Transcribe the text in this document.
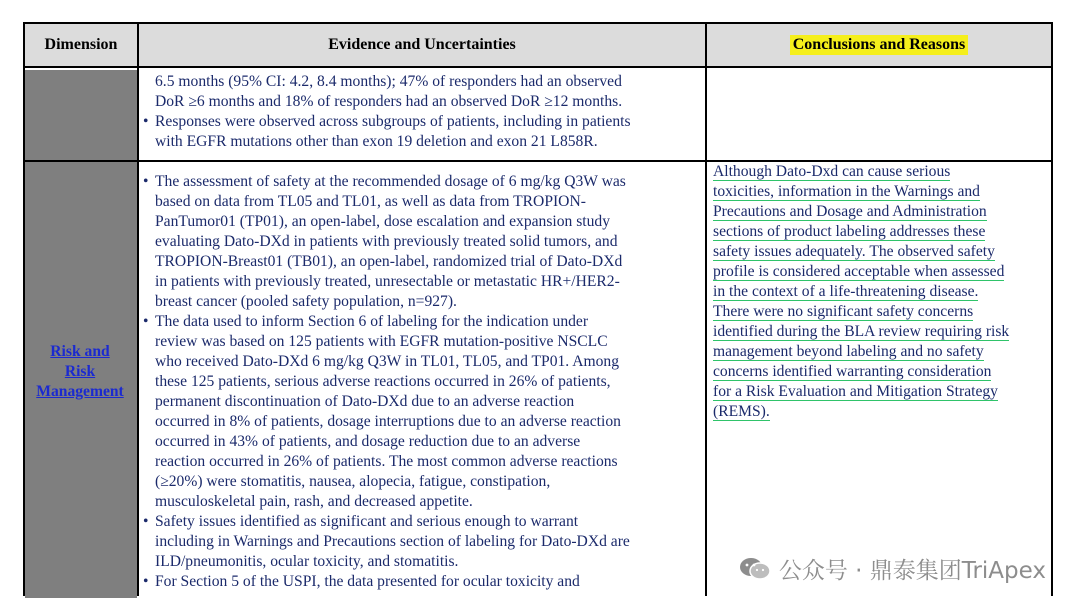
Dimension	Evidence and Uncertainties	Conclusions and Reasons
6.5 months (95% CI: 4.2, 8.4 months); 47% of responders had an observed
DoR ≥6 months and 18% of responders had an observed DoR ≥12 months.
• Responses were observed across subgroups of patients, including in patients
with EGFR mutations other than exon 19 deletion and exon 21 L858R.
Risk and
Risk
Management
• The assessment of safety at the recommended dosage of 6 mg/kg Q3W was
based on data from TL05 and TL01, as well as data from TROPION-
PanTumor01 (TP01), an open-label, dose escalation and expansion study
evaluating Dato-DXd in patients with previously treated solid tumors, and
TROPION-Breast01 (TB01), an open-label, randomized trial of Dato-DXd
in patients with previously treated, unresectable or metastatic HR+/HER2-
breast cancer (pooled safety population, n=927).
• The data used to inform Section 6 of labeling for the indication under
review was based on 125 patients with EGFR mutation-positive NSCLC
who received Dato-DXd 6 mg/kg Q3W in TL01, TL05, and TP01. Among
these 125 patients, serious adverse reactions occurred in 26% of patients,
permanent discontinuation of Dato-DXd due to an adverse reaction
occurred in 8% of patients, dosage interruptions due to an adverse reaction
occurred in 43% of patients, and dosage reduction due to an adverse
reaction occurred in 26% of patients. The most common adverse reactions
(≥20%) were stomatitis, nausea, alopecia, fatigue, constipation,
musculoskeletal pain, rash, and decreased appetite.
• Safety issues identified as significant and serious enough to warrant
including in Warnings and Precautions section of labeling for Dato-DXd are
ILD/pneumonitis, ocular toxicity, and stomatitis.
• For Section 5 of the USPI, the data presented for ocular toxicity and
Although Dato-Dxd can cause serious
toxicities, information in the Warnings and
Precautions and Dosage and Administration
sections of product labeling addresses these
safety issues adequately. The observed safety
profile is considered acceptable when assessed
in the context of a life-threatening disease.
There were no significant safety concerns
identified during the BLA review requiring risk
management beyond labeling and no safety
concerns identified warranting consideration
for a Risk Evaluation and Mitigation Strategy
(REMS).
公众号 · 鼎泰集团TriApex
